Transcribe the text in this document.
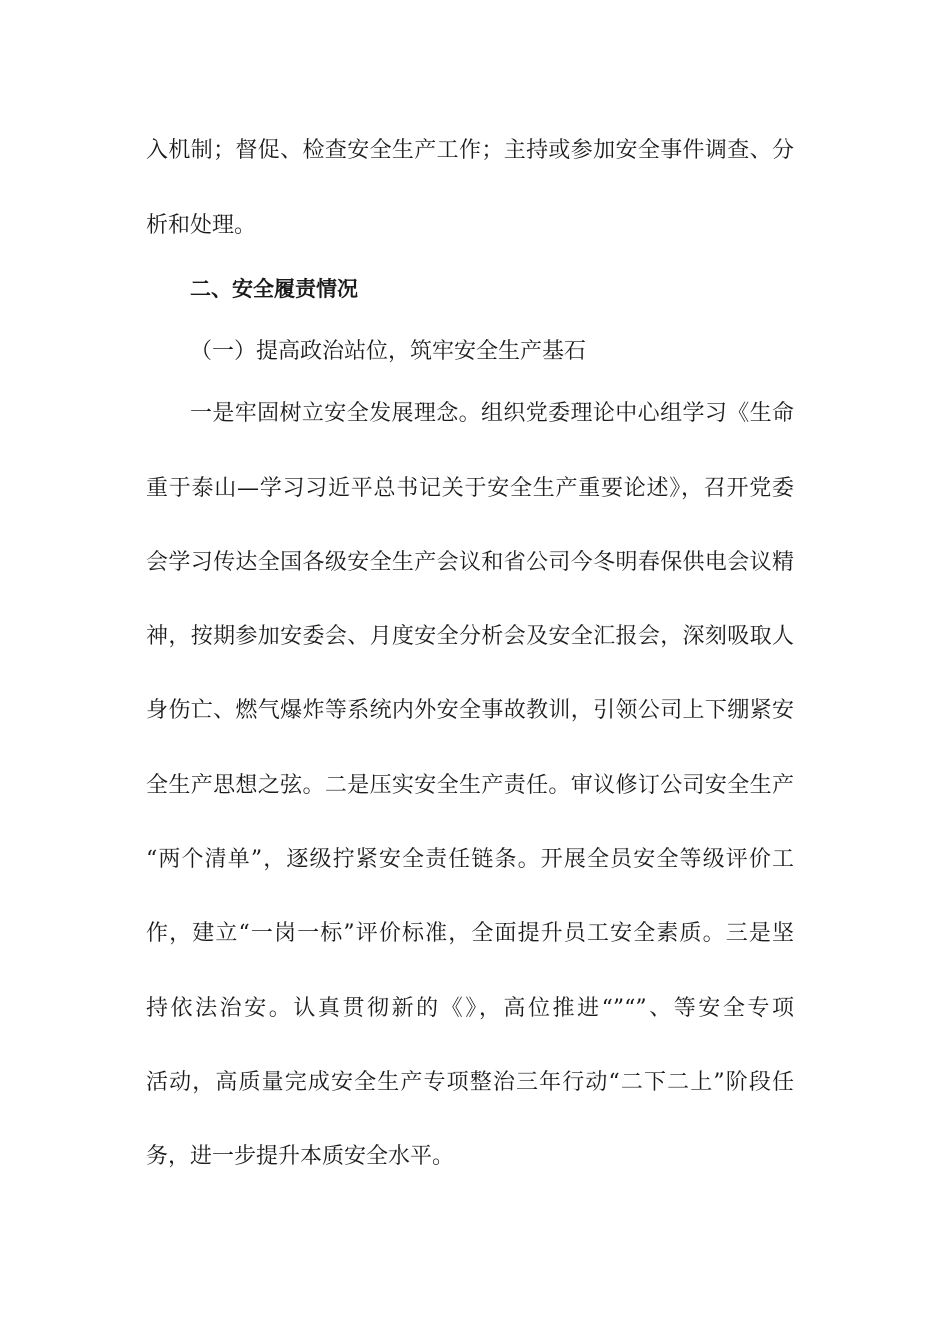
入机制；督促、检查安全生产工作；主持或参加安全事件调查、分
析和处理。
二、安全履责情况
（一）提高政治站位，筑牢安全生产基石
一是牢固树立安全发展理念。组织党委理论中心组学习《生命
重于泰山—学习习近平总书记关于安全生产重要论述》，召开党委
会学习传达全国各级安全生产会议和省公司今冬明春保供电会议精
神，按期参加安委会、月度安全分析会及安全汇报会，深刻吸取人
身伤亡、燃气爆炸等系统内外安全事故教训，引领公司上下绷紧安
全生产思想之弦。二是压实安全生产责任。审议修订公司安全生产
“两个清单”，逐级拧紧安全责任链条。开展全员安全等级评价工
作，建立“一岗一标”评价标准，全面提升员工安全素质。三是坚
持依法治安。认真贯彻新的《》，高位推进“”“”、等安全专项
活动，高质量完成安全生产专项整治三年行动“二下二上”阶段任
务，进一步提升本质安全水平。
